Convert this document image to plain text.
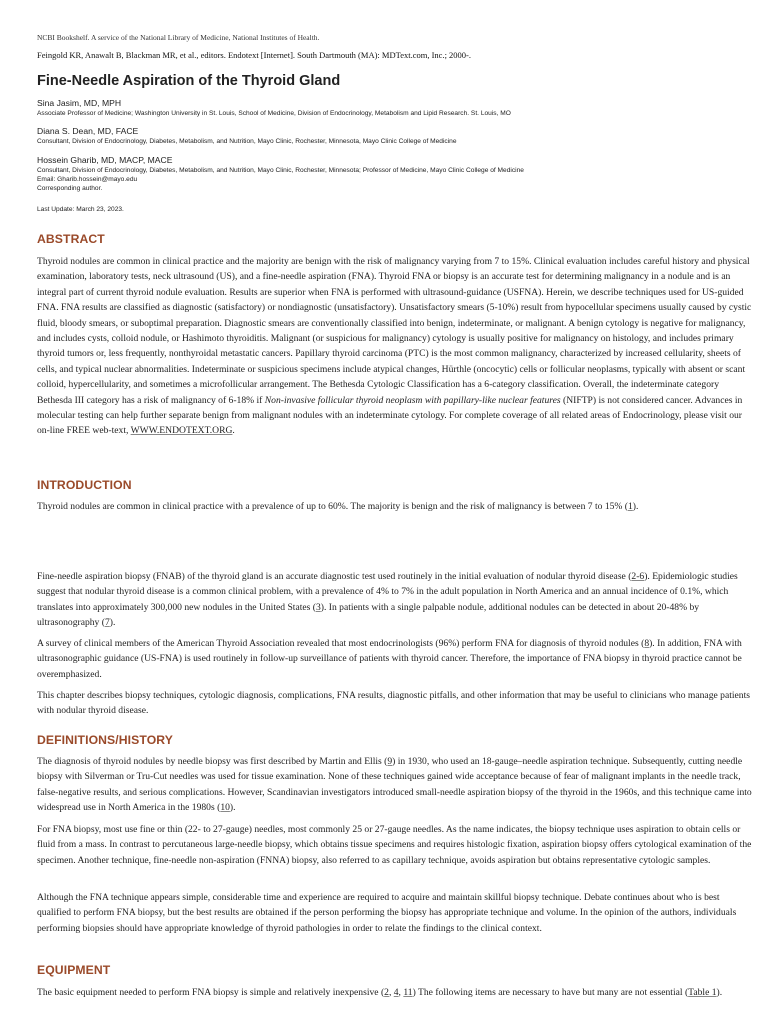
NCBI Bookshelf. A service of the National Library of Medicine, National Institutes of Health.
Feingold KR, Anawalt B, Blackman MR, et al., editors. Endotext [Internet]. South Dartmouth (MA): MDText.com, Inc.; 2000-.
Fine-Needle Aspiration of the Thyroid Gland
Sina Jasim, MD, MPH
Associate Professor of Medicine; Washington University in St. Louis, School of Medicine, Division of Endocrinology, Metabolism and Lipid Research. St. Louis, MO
Diana S. Dean, MD, FACE
Consultant, Division of Endocrinology, Diabetes, Metabolism, and Nutrition, Mayo Clinic, Rochester, Minnesota, Mayo Clinic College of Medicine
Hossein Gharib, MD, MACP, MACE
Consultant, Division of Endocrinology, Diabetes, Metabolism, and Nutrition, Mayo Clinic, Rochester, Minnesota; Professor of Medicine, Mayo Clinic College of Medicine
Email: Gharib.hossein@mayo.edu
Corresponding author.
Last Update: March 23, 2023.
ABSTRACT

Thyroid nodules are common in clinical practice and the majority are benign with the risk of malignancy varying from 7 to 15%. Clinical evaluation includes careful history and physical examination, laboratory tests, neck ultrasound (US), and a fine-needle aspiration (FNA). Thyroid FNA or biopsy is an accurate test for determining malignancy in a nodule and is an integral part of current thyroid nodule evaluation. Results are superior when FNA is performed with ultrasound-guidance (USFNA). Herein, we describe techniques used for US-guided FNA. FNA results are classified as diagnostic (satisfactory) or nondiagnostic (unsatisfactory). Unsatisfactory smears (5-10%) result from hypocellular specimens usually caused by cystic fluid, bloody smears, or suboptimal preparation. Diagnostic smears are conventionally classified into benign, indeterminate, or malignant. A benign cytology is negative for malignancy, and includes cysts, colloid nodule, or Hashimoto thyroiditis. Malignant (or suspicious for malignancy) cytology is usually positive for malignancy on histology, and includes primary thyroid tumors or, less frequently, nonthyroidal metastatic cancers. Papillary thyroid carcinoma (PTC) is the most common malignancy, characterized by increased cellularity, sheets of cells, and typical nuclear abnormalities. Indeterminate or suspicious specimens include atypical changes, Hürthle (oncocytic) cells or follicular neoplasms, typically with absent or scant colloid, hypercellularity, and sometimes a microfollicular arrangement. The Bethesda Cytologic Classification has a 6-category classification. Overall, the indeterminate category Bethesda III category has a risk of malignancy of 6-18% if Non-invasive follicular thyroid neoplasm with papillary-like nuclear features (NIFTP) is not considered cancer. Advances in molecular testing can help further separate benign from malignant nodules with an indeterminate cytology. For complete coverage of all related areas of Endocrinology, please visit our on-line FREE web-text, WWW.ENDOTEXT.ORG.

INTRODUCTION

Thyroid nodules are common in clinical practice with a prevalence of up to 60%. The majority is benign and the risk of malignancy is between 7 to 15% (1).

Fine-needle aspiration biopsy (FNAB) of the thyroid gland is an accurate diagnostic test used routinely in the initial evaluation of nodular thyroid disease (2-6). Epidemiologic studies suggest that nodular thyroid disease is a common clinical problem, with a prevalence of 4% to 7% in the adult population in North America and an annual incidence of 0.1%, which translates into approximately 300,000 new nodules in the United States (3). In patients with a single palpable nodule, additional nodules can be detected in about 20-48% by ultrasonography (7).

A survey of clinical members of the American Thyroid Association revealed that most endocrinologists (96%) perform FNA for diagnosis of thyroid nodules (8). In addition, FNA with ultrasonographic guidance (US-FNA) is used routinely in follow-up surveillance of patients with thyroid cancer. Therefore, the importance of FNA biopsy in thyroid practice cannot be overemphasized.

This chapter describes biopsy techniques, cytologic diagnosis, complications, FNA results, diagnostic pitfalls, and other information that may be useful to clinicians who manage patients with nodular thyroid disease.

DEFINITIONS/HISTORY

The diagnosis of thyroid nodules by needle biopsy was first described by Martin and Ellis (9) in 1930, who used an 18-gauge–needle aspiration technique. Subsequently, cutting needle biopsy with Silverman or Tru-Cut needles was used for tissue examination. None of these techniques gained wide acceptance because of fear of malignant implants in the needle track, false-negative results, and serious complications. However, Scandinavian investigators introduced small-needle aspiration biopsy of the thyroid in the 1960s, and this technique came into widespread use in North America in the 1980s (10).

For FNA biopsy, most use fine or thin (22- to 27-gauge) needles, most commonly 25 or 27-gauge needles. As the name indicates, the biopsy technique uses aspiration to obtain cells or fluid from a mass. In contrast to percutaneous large-needle biopsy, which obtains tissue specimens and requires histologic fixation, aspiration biopsy offers cytological examination of the specimen. Another technique, fine-needle non-aspiration (FNNA) biopsy, also referred to as capillary technique, avoids aspiration but obtains representative cytologic samples.

Although the FNA technique appears simple, considerable time and experience are required to acquire and maintain skillful biopsy technique. Debate continues about who is best qualified to perform FNA biopsy, but the best results are obtained if the person performing the biopsy has appropriate technique and volume. In the opinion of the authors, individuals performing biopsies should have appropriate knowledge of thyroid pathologies in order to relate the findings to the clinical context.

EQUIPMENT

The basic equipment needed to perform FNA biopsy is simple and relatively inexpensive (2, 4, 11) The following items are necessary to have but many are not essential (Table 1).
